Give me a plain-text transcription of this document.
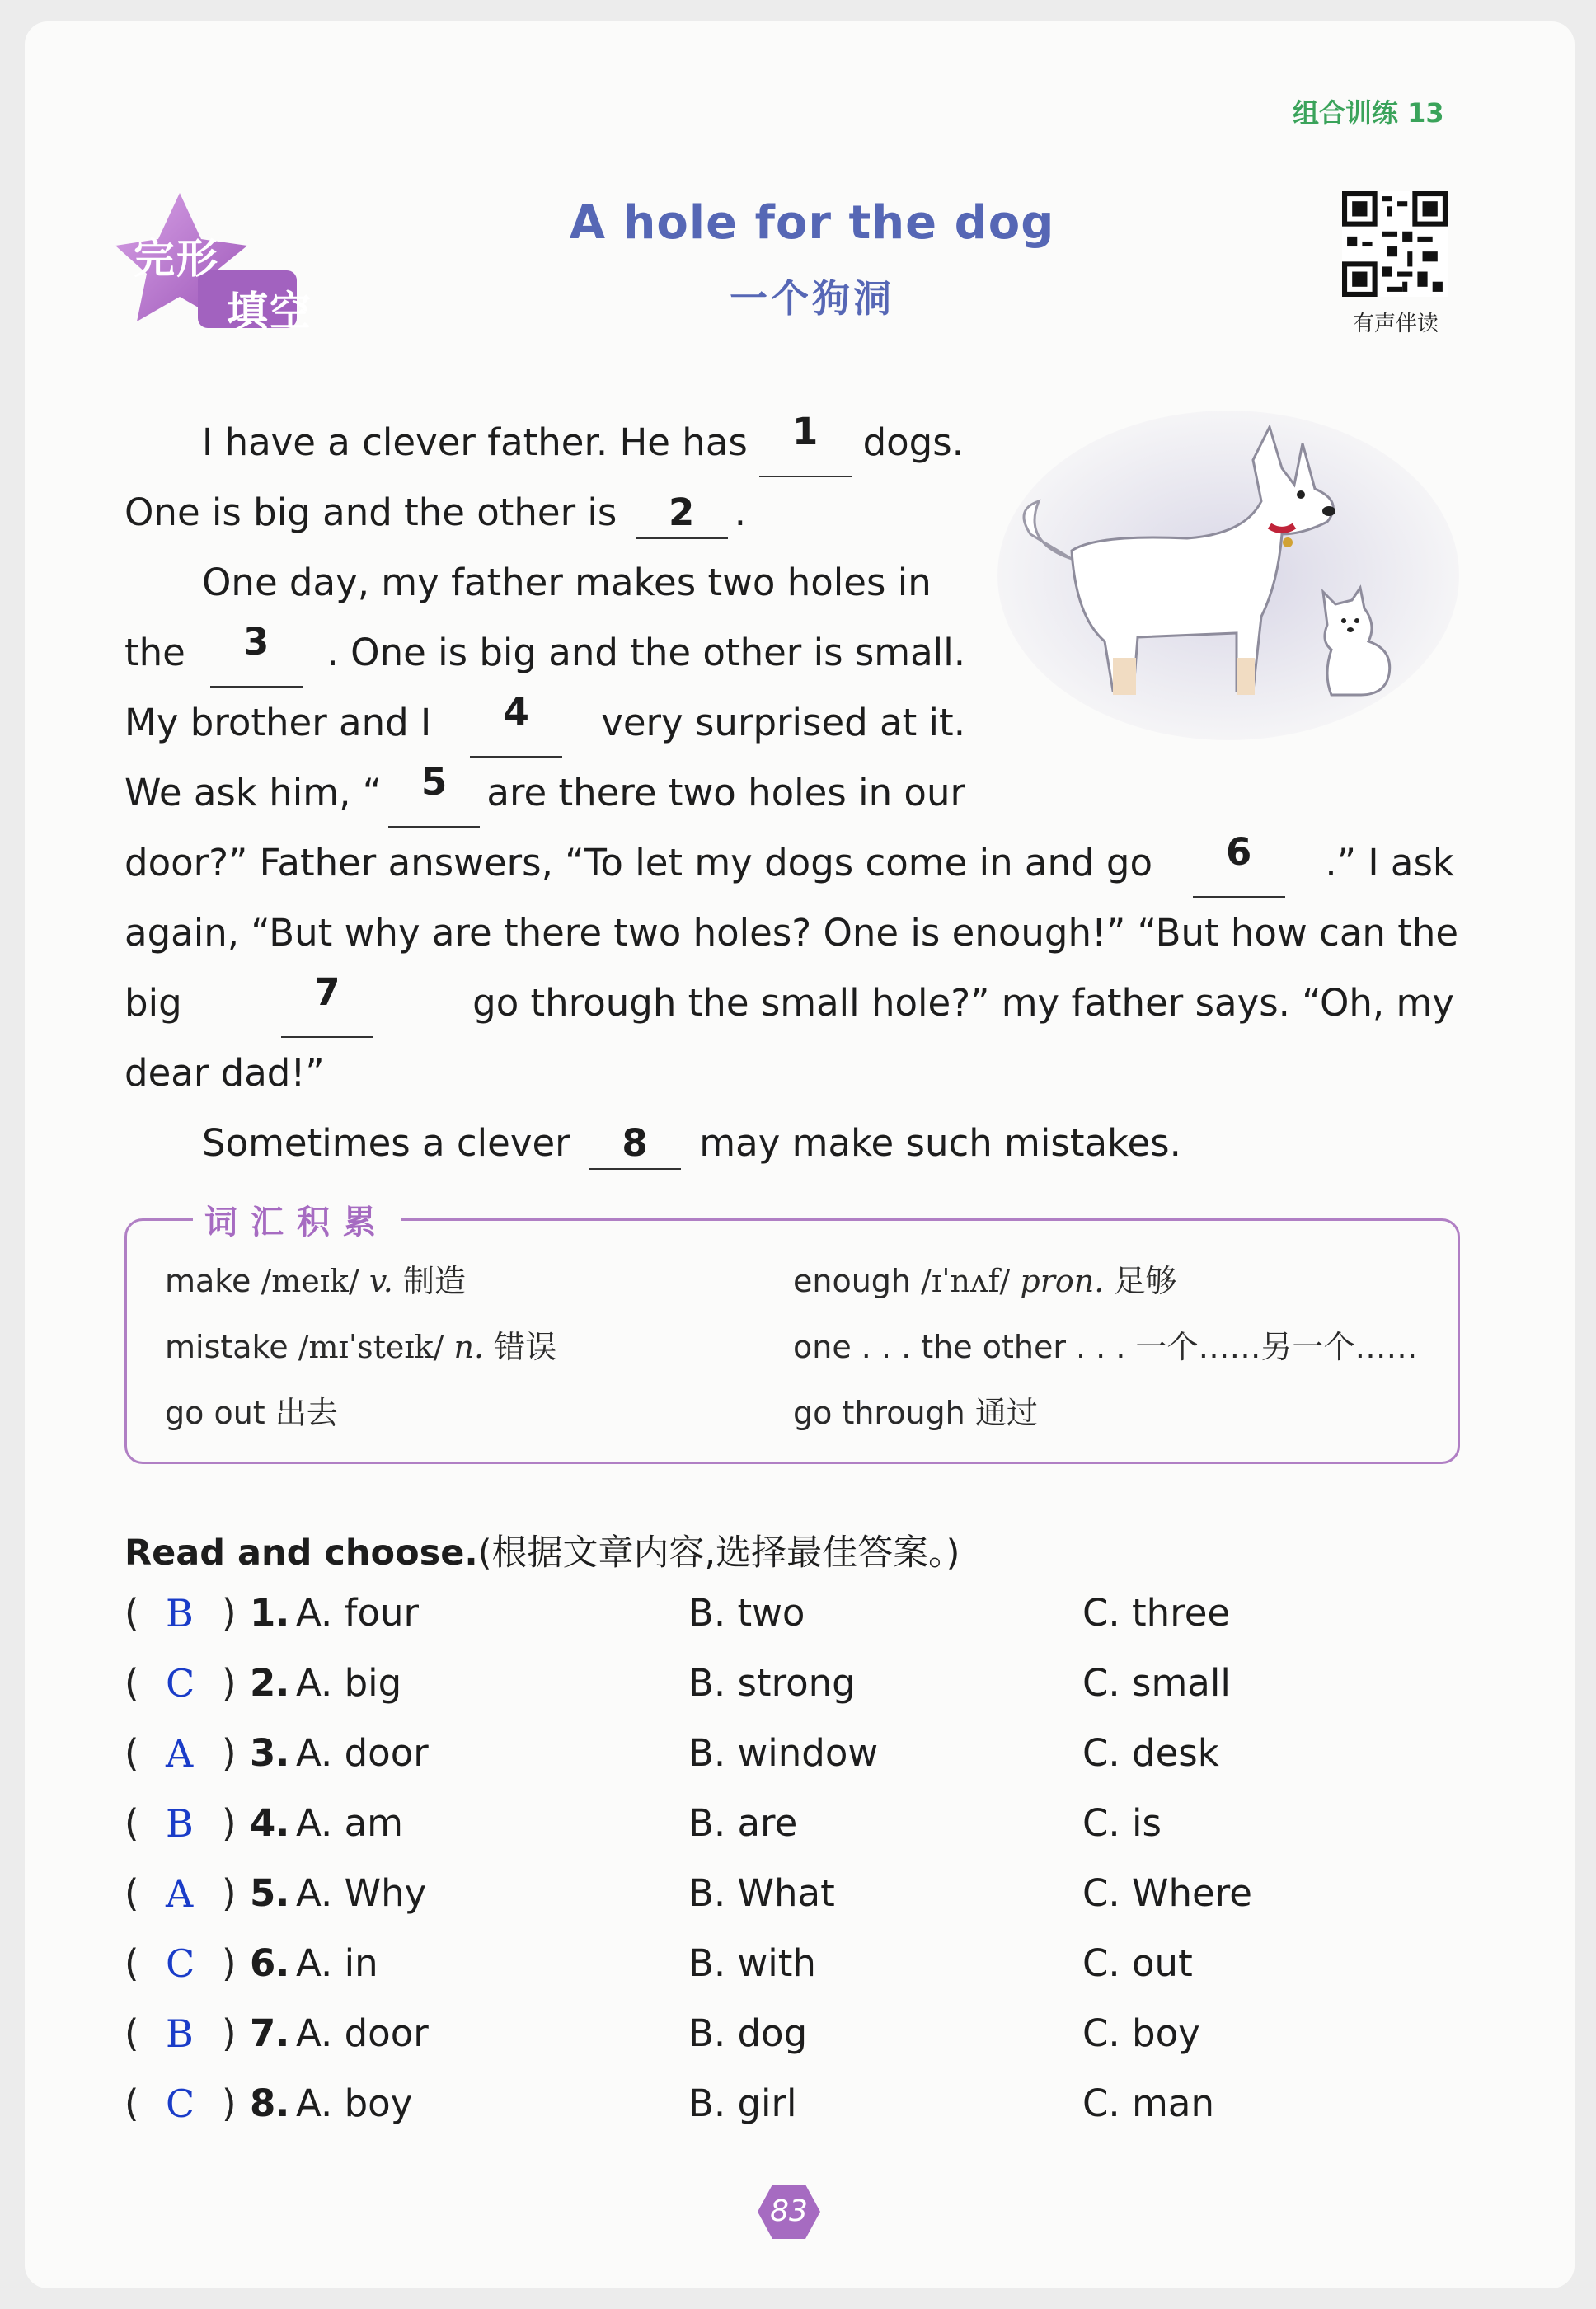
组合训练 13
完形
填空
A hole for the dog
一个狗洞
有声伴读
I have a clever father. He has	1	dogs.
One is big and the other is 2 .
One day, my father makes two holes in
the	3	. One is big and the other is small.
My brother and I	4	very surprised at it.
We ask him, “	5	are there two holes in our
door?” Father answers, “To let my dogs come in and go	6	.” I ask
again, “But why are there two holes? One is enough!” “But how can the
big	7	go through the small hole?” my father says. “Oh, my
dear dad!”
Sometimes a clever 8 may make such mistakes.
词汇积累
make /meɪk/ v. 制造	enough /ɪˈnʌf/ pron. 足够
mistake /mɪˈsteɪk/ n. 错误	one . . . the other . . . 一个……另一个……
go out 出去	go through 通过
Read and choose.(根据文章内容,选择最佳答案。)
( B ) 1. A. four	B. two	C. three
( C ) 2. A. big	B. strong	C. small
( A ) 3. A. door	B. window	C. desk
( B ) 4. A. am	B. are	C. is
( A ) 5. A. Why	B. What	C. Where
( C ) 6. A. in	B. with	C. out
( B ) 7. A. door	B. dog	C. boy
( C ) 8. A. boy	B. girl	C. man
83
